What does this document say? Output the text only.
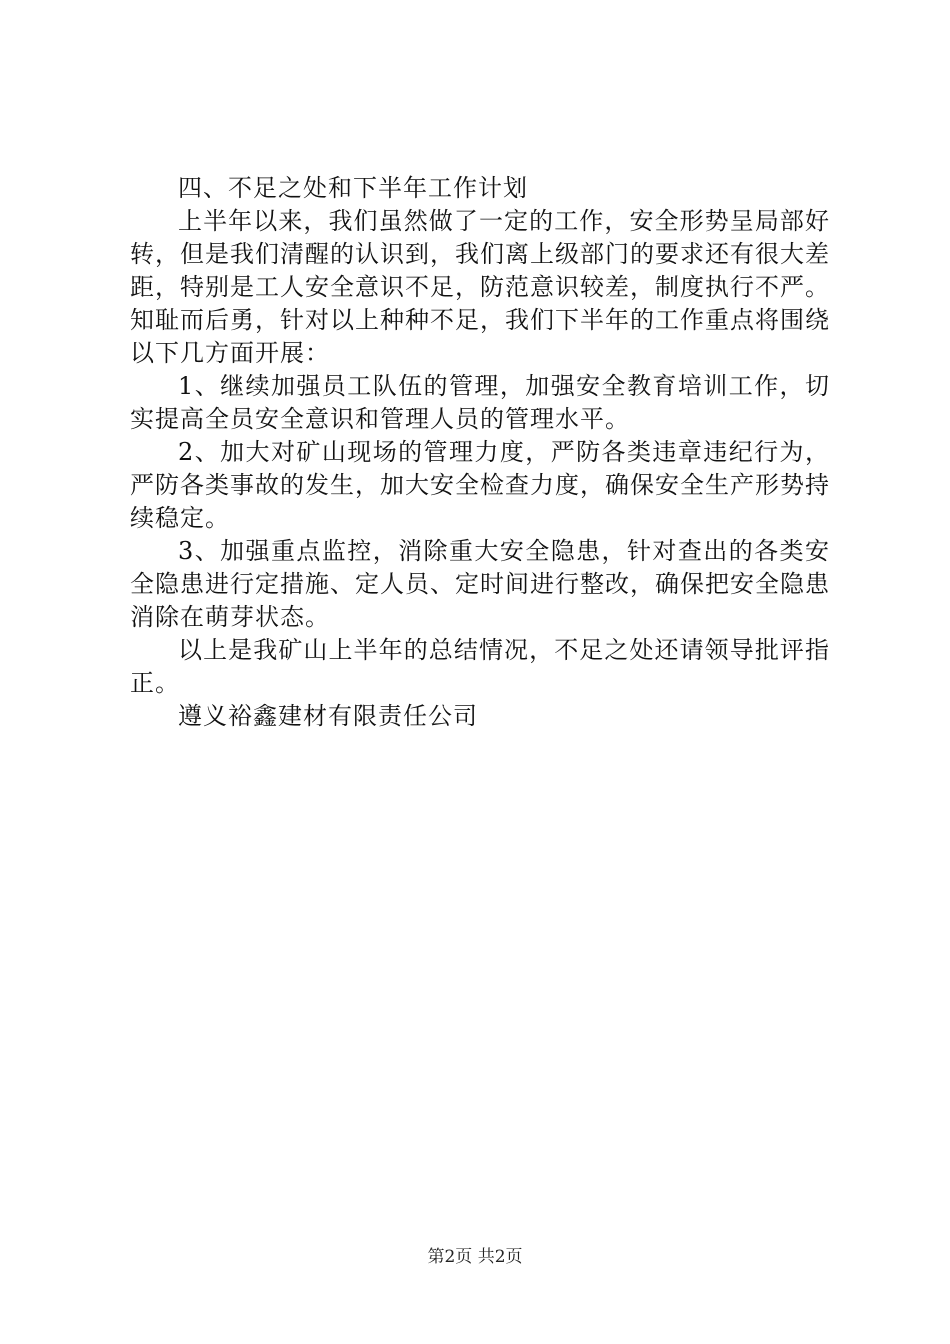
四、不足之处和下半年工作计划

上半年以来，我们虽然做了一定的工作，安全形势呈局部好转，但是我们清醒的认识到，我们离上级部门的要求还有很大差距，特别是工人安全意识不足，防范意识较差，制度执行不严。知耻而后勇，针对以上种种不足，我们下半年的工作重点将围绕以下几方面开展：

1、继续加强员工队伍的管理，加强安全教育培训工作，切实提高全员安全意识和管理人员的管理水平。

2、加大对矿山现场的管理力度，严防各类违章违纪行为，严防各类事故的发生，加大安全检查力度，确保安全生产形势持续稳定。

3、加强重点监控，消除重大安全隐患，针对查出的各类安全隐患进行定措施、定人员、定时间进行整改，确保把安全隐患消除在萌芽状态。

以上是我矿山上半年的总结情况，不足之处还请领导批评指正。

遵义裕鑫建材有限责任公司

第2页 共2页
